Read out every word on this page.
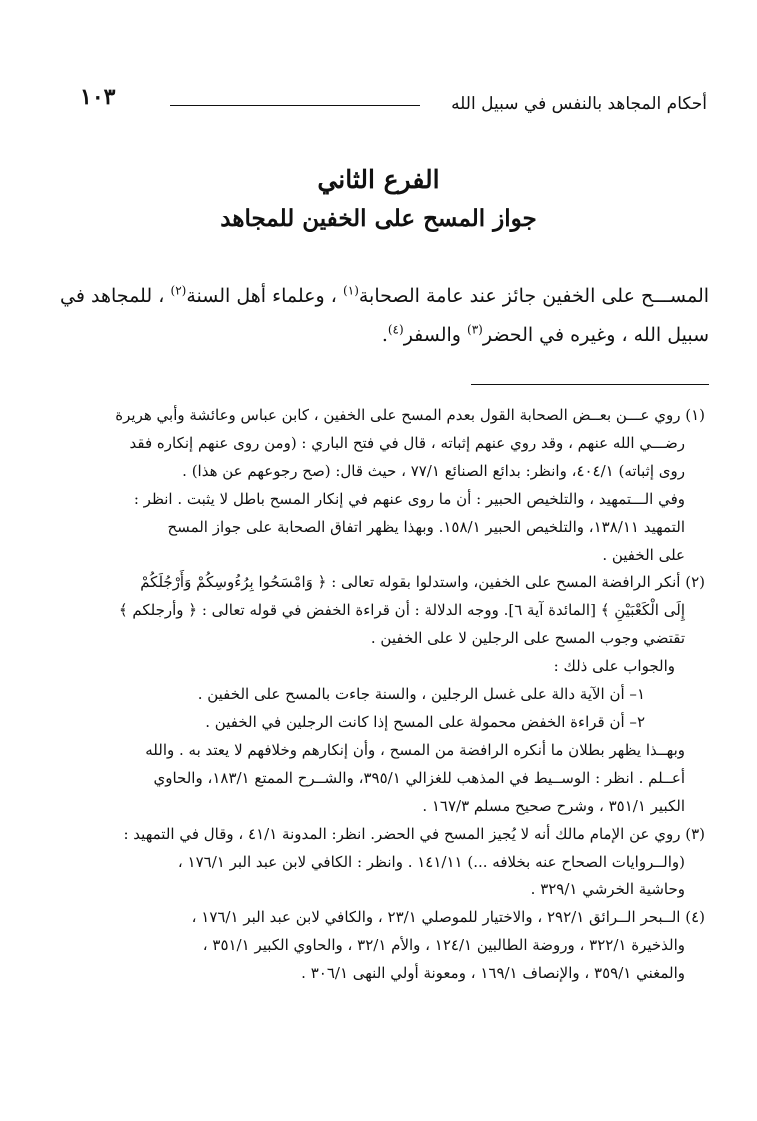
١٠٣	أحكام المجاهد بالنفس في سبيل الله
الفرع الثاني
جواز المسح على الخفين للمجاهد
المســـح على الخفين جائز عند عامة الصحابة$^{(١)}$ ، وعلماء أهل السنة$^{(٢)}$ ، للمجاهد في سبيل الله ، وغيره في الحضر$^{(٣)}$ والسفر$^{(٤)}$.
(١) روي عـــن بعــض الصحابة القول بعدم المسح على الخفين ، كابن عباس وعائشة وأبي هريرة
رضـــي الله عنهم ، وقد روي عنهم إثباته ، قال في فتح الباري : (ومن روى عنهم إنكاره فقد
روى إثباته) ٤٠٤/١، وانظر: بدائع الصنائع ٧٧/١ ، حيث قال: (صح رجوعهم عن هذا) .
وفي الـــتمهيد ، والتلخيص الحبير : أن ما روى عنهم في إنكار المسح باطل لا يثبت . انظر :
التمهيد ١٣٨/١١، والتلخيص الحبير ١٥٨/١. وبهذا يظهر اتفاق الصحابة على جواز المسح
على الخفين .
(٢) أنكر الرافضة المسح على الخفين، واستدلوا بقوله تعالى : ﴿ وَامْسَحُوا بِرُءُوسِكُمْ وَأَرْجُلَكُمْ
إِلَى الْكَعْبَيْنِ ﴾ [المائدة آية ٦]. ووجه الدلالة : أن قراءة الخفض في قوله تعالى : ﴿ وأرجلكم ﴾
تقتضي وجوب المسح على الرجلين لا على الخفين .
والجواب على ذلك :
١– أن الآية دالة على غسل الرجلين ، والسنة جاءت بالمسح على الخفين .
٢– أن قراءة الخفض محمولة على المسح إذا كانت الرجلين في الخفين .
وبهــذا يظهر بطلان ما أنكره الرافضة من المسح ، وأن إنكارهم وخلافهم لا يعتد به . والله
أعــلم . انظر : الوســيط في المذهب للغزالي ٣٩٥/١، والشــرح الممتع ١٨٣/١، والحاوي
الكبير ٣٥١/١ ، وشرح صحيح مسلم ١٦٧/٣ .
(٣) روي عن الإمام مالك أنه لا يُجيز المسح في الحضر. انظر: المدونة ٤١/١ ، وقال في التمهيد :
(والــروايات الصحاح عنه بخلافه ...) ١٤١/١١ . وانظر : الكافي لابن عبد البر ١٧٦/١ ،
وحاشية الخرشي ٣٢٩/١ .
(٤) الــبحر الــرائق ٢٩٢/١ ، والاختيار للموصلي ٢٣/١ ، والكافي لابن عبد البر ١٧٦/١ ،
والذخيرة ٣٢٢/١ ، وروضة الطالبين ١٢٤/١ ، والأم ٣٢/١ ، والحاوي الكبير ٣٥١/١ ،
والمغني ٣٥٩/١ ، والإنصاف ١٦٩/١ ، ومعونة أولي النهى ٣٠٦/١ .
